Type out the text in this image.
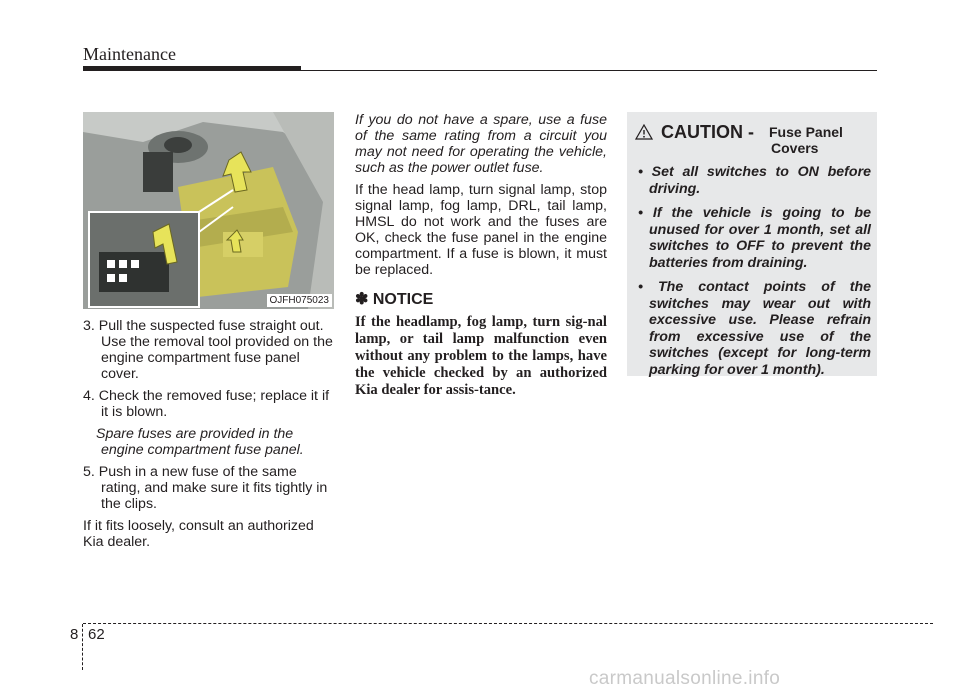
Maintenance
OJFH075023

3. Pull the suspected fuse straight out. Use the removal tool provided on the engine compartment fuse panel cover.

4. Check the removed fuse; replace it if it is blown.

Spare fuses are provided in the engine compartment fuse panel.

5. Push in a new fuse of the same rating, and make sure it fits tightly in the clips.

If it fits loosely, consult an authorized Kia dealer.

If you do not have a spare, use a fuse of the same rating from a circuit you may not need for operating the vehicle, such as the power outlet fuse.

If the head lamp, turn signal lamp, stop signal lamp, fog lamp, DRL, tail lamp, HMSL do not work and the fuses are OK, check the fuse panel in the engine compartment. If a fuse is blown, it must be replaced.

✽ NOTICE
If the headlamp, fog lamp, turn sig-nal lamp, or tail lamp malfunction even without any problem to the lamps, have the vehicle checked by an authorized Kia dealer for assis-tance.
CAUTION - Fuse Panel
Covers
• Set all switches to ON before driving.
• If the vehicle is going to be unused for over 1 month, set all switches to OFF to prevent the batteries from draining.
• The contact points of the switches may wear out with excessive use. Please refrain from excessive use of the switches (except for long-term parking for over 1 month).
8 62
carmanualsonline.info
